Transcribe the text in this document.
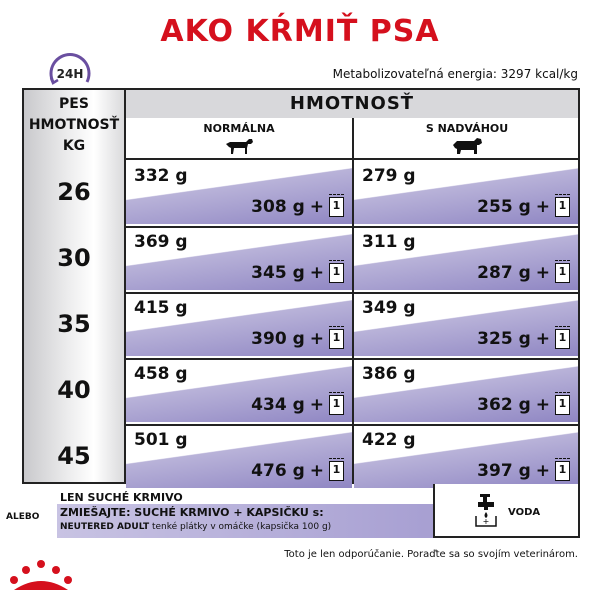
AKO KŔMIŤ PSA
24H	Metabolizovateľná energia: 3297 kcal/kg
PES
HMOTNOSŤ
KG
HMOTNOSŤ
NORMÁLNA	S NADVÁHOU
26
332 g
308 g + 1
279 g
255 g + 1
30
369 g
345 g + 1
311 g
287 g + 1
35
415 g
390 g + 1
349 g
325 g + 1
40
458 g
434 g + 1
386 g
362 g + 1
45
501 g
476 g + 1
422 g
397 g + 1
LEN SUCHÉ KRMIVO
ALEBO ZMIEŠAJTE: SUCHÉ KRMIVO + KAPSIČKU s:
NEUTERED ADULT tenké plátky v omáčke (kapsička 100 g)
+
VODA
Toto je len odporúčanie. Poraďte sa so svojím veterinárom.
